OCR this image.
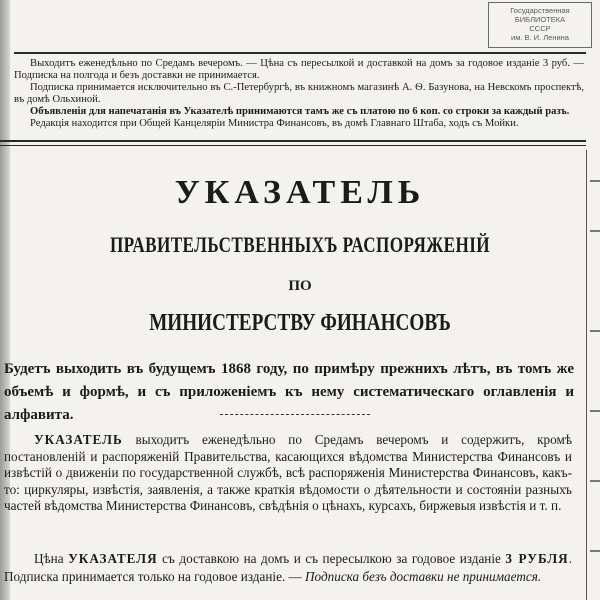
Государственная
БИБЛИОТЕКА
СССР
им. В. И. Ленина

Выходитъ еженедѣльно по Средамъ вечеромъ. — Цѣна съ пересылкой и доставкой на домъ за годовое изданіе 3 руб. — Подписка на полгода и безъ доставки не принимается.

Подписка принимается исключительно въ С.-Петербургѣ, въ книжномъ магазинѣ А. Ѳ. Базунова, на Невскомъ проспектѣ, въ домѣ Ольхиной.

Объявленія для напечатанія въ Указателѣ принимаются тамъ же съ платою по 6 коп. со строки за каждый разъ.

Редакція находится при Общей Канцеляріи Министра Финансовъ, въ домѣ Главнаго Штаба, ходъ съ Мойки.

УКАЗАТЕЛЬ
ПРАВИТЕЛЬСТВЕННЫХЪ РАСПОРЯЖЕНІЙ
ПО
МИНИСТЕРСТВУ ФИНАНСОВЪ
Будетъ выходить въ будущемъ 1868 году, по примѣру прежнихъ лѣтъ, въ томъ же объемѣ и формѣ, и съ приложеніемъ къ нему систематическаго оглавленія и алфавита.
УКАЗАТЕЛЬ выходитъ еженедѣльно по Средамъ вечеромъ и содержитъ, кромѣ постановленій и распоряженій Правительства, касающихся вѣдомства Министерства Финансовъ и извѣстій о движеніи по государственной службѣ, всѣ распоряженія Министерства Финансовъ, какъ-то: циркуляры, извѣстія, заявленія, а также краткія вѣдомости о дѣятельности и состояніи разныхъ частей вѣдомства Министерства Финансовъ, свѣдѣнія о цѣнахъ, курсахъ, биржевыя извѣстія и т. п.
Цѣна УКАЗАТЕЛЯ съ доставкою на домъ и съ пересылкою за годовое изданіе 3 РУБЛЯ. Подписка принимается только на годовое изданіе. — Подписка безъ доставки не принимается.
